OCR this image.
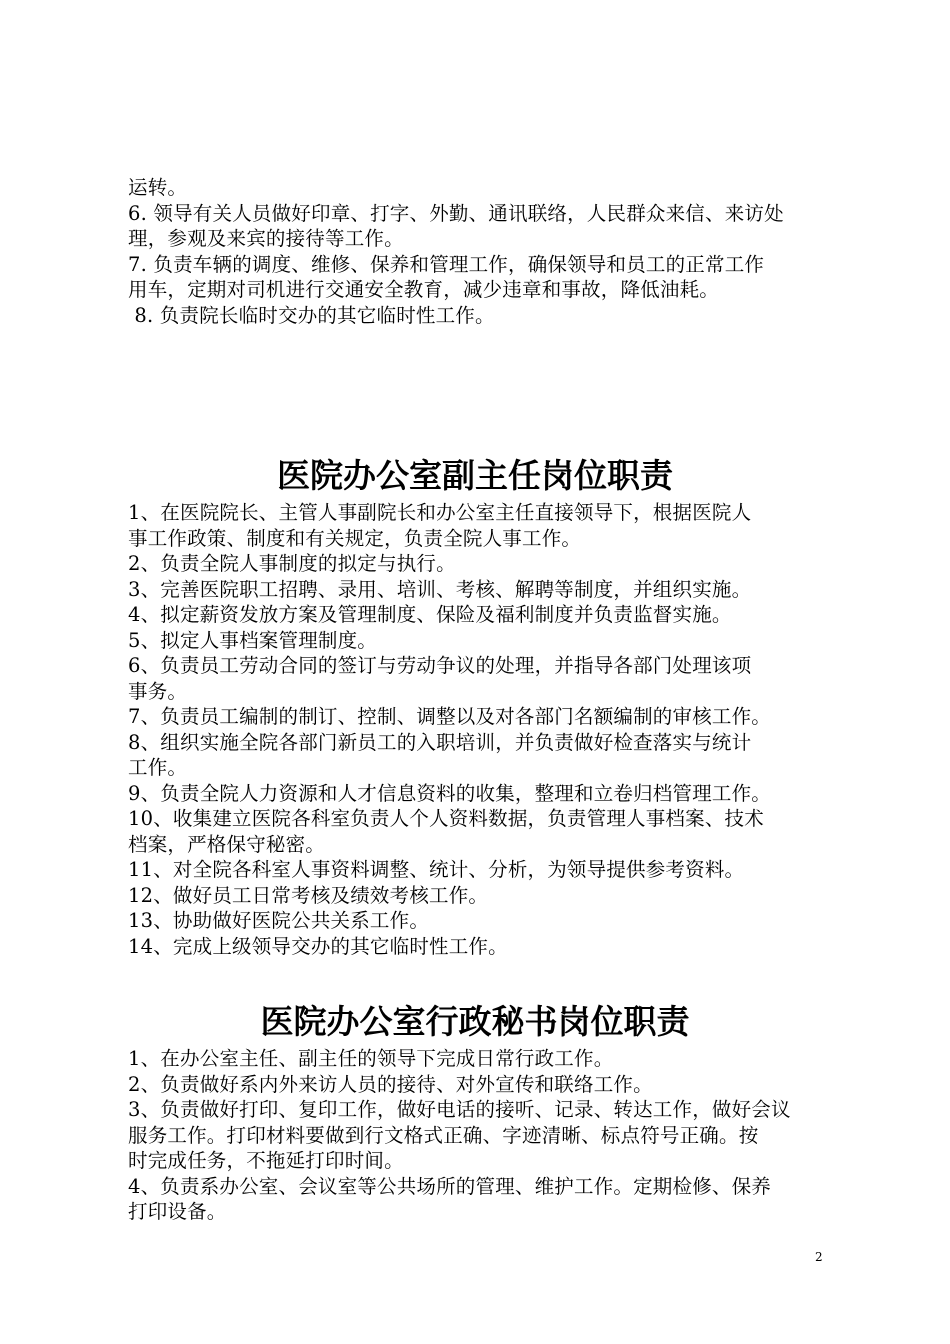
运转。

6. 领导有关人员做好印章、打字、外勤、通讯联络，人民群众来信、来访处

理，参观及来宾的接待等工作。

7. 负责车辆的调度、维修、保养和管理工作，确保领导和员工的正常工作

用车，定期对司机进行交通安全教育，减少违章和事故，降低油耗。

8. 负责院长临时交办的其它临时性工作。

医院办公室副主任岗位职责

1、在医院院长、主管人事副院长和办公室主任直接领导下，根据医院人

事工作政策、制度和有关规定，负责全院人事工作。

2、负责全院人事制度的拟定与执行。

3、完善医院职工招聘、录用、培训、考核、解聘等制度，并组织实施。

4、拟定薪资发放方案及管理制度、保险及福利制度并负责监督实施。

5、拟定人事档案管理制度。

6、负责员工劳动合同的签订与劳动争议的处理，并指导各部门处理该项

事务。

7、负责员工编制的制订、控制、调整以及对各部门名额编制的审核工作。

8、组织实施全院各部门新员工的入职培训，并负责做好检查落实与统计

工作。

9、负责全院人力资源和人才信息资料的收集，整理和立卷归档管理工作。

10、收集建立医院各科室负责人个人资料数据，负责管理人事档案、技术

档案，严格保守秘密。

11、对全院各科室人事资料调整、统计、分析，为领导提供参考资料。

12、做好员工日常考核及绩效考核工作。

13、协助做好医院公共关系工作。

14、完成上级领导交办的其它临时性工作。

医院办公室行政秘书岗位职责

1、在办公室主任、副主任的领导下完成日常行政工作。

2、负责做好系内外来访人员的接待、对外宣传和联络工作。

3、负责做好打印、复印工作，做好电话的接听、记录、转达工作，做好会议

服务工作。打印材料要做到行文格式正确、字迹清晰、标点符号正确。按

时完成任务，不拖延打印时间。

4、负责系办公室、会议室等公共场所的管理、维护工作。定期检修、保养

打印设备。

2
